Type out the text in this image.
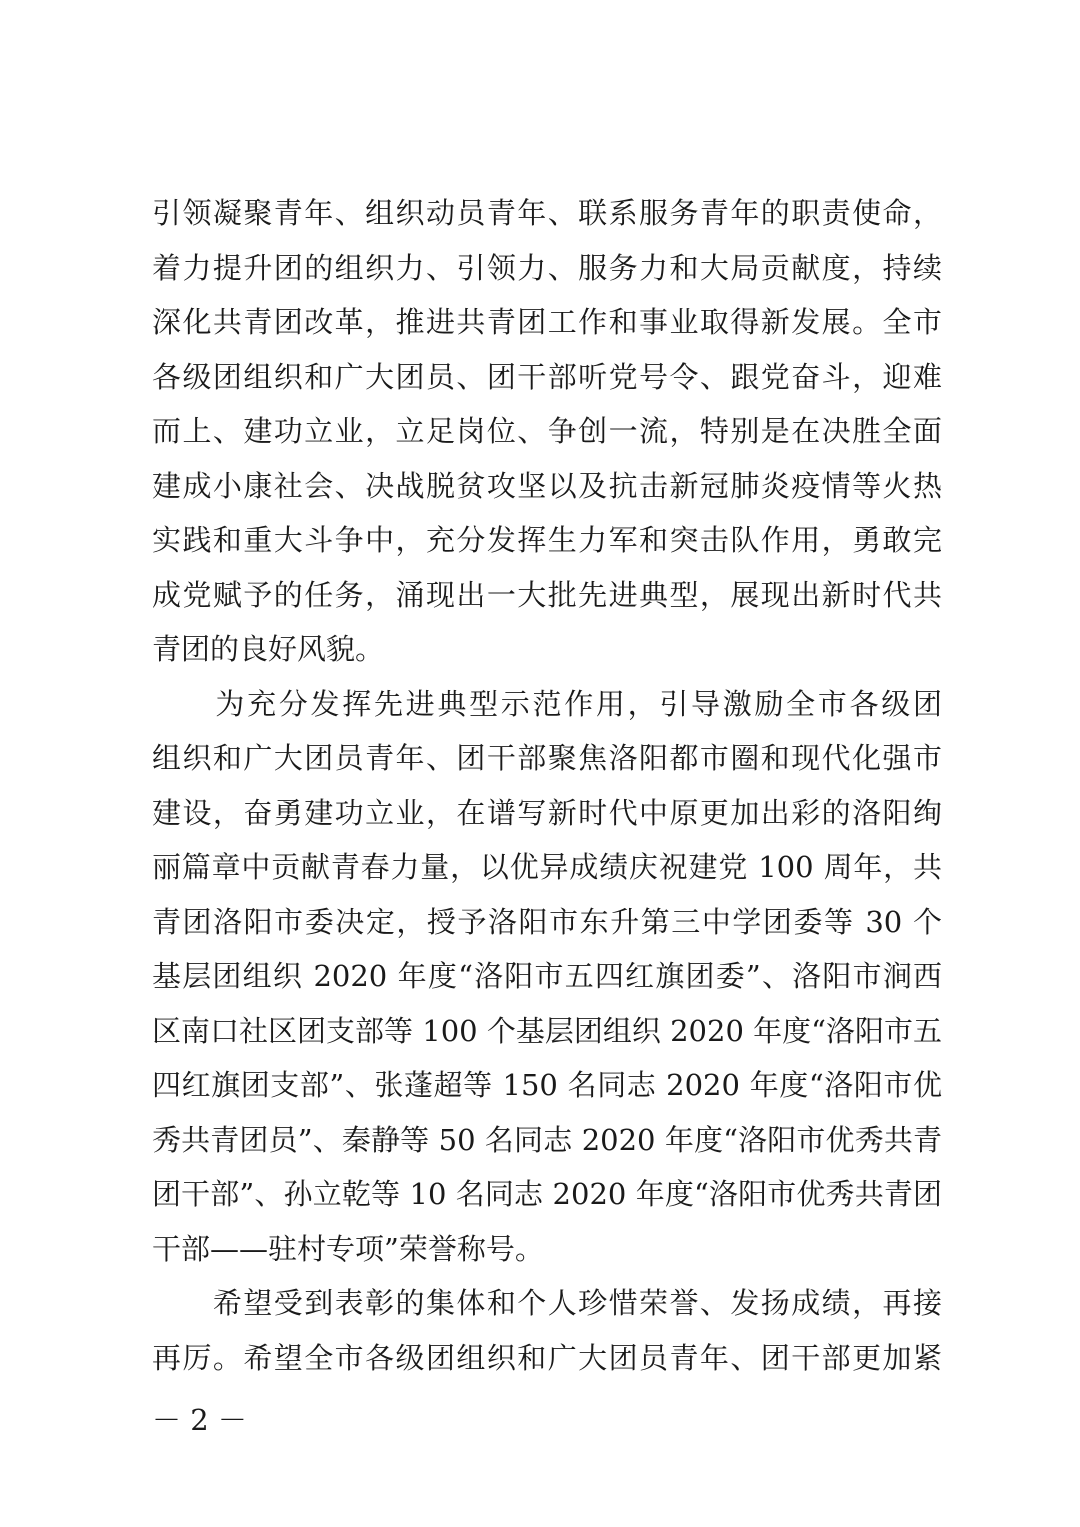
引领凝聚青年、组织动员青年、联系服务青年的职责使命，
着力提升团的组织力、引领力、服务力和大局贡献度，持续
深化共青团改革，推进共青团工作和事业取得新发展。全市
各级团组织和广大团员、团干部听党号令、跟党奋斗，迎难
而上、建功立业，立足岗位、争创一流，特别是在决胜全面
建成小康社会、决战脱贫攻坚以及抗击新冠肺炎疫情等火热
实践和重大斗争中，充分发挥生力军和突击队作用，勇敢完
成党赋予的任务，涌现出一大批先进典型，展现出新时代共
青团的良好风貌。
　　为充分发挥先进典型示范作用，引导激励全市各级团
组织和广大团员青年、团干部聚焦洛阳都市圈和现代化强市
建设，奋勇建功立业，在谱写新时代中原更加出彩的洛阳绚
丽篇章中贡献青春力量，以优异成绩庆祝建党 100 周年，共
青团洛阳市委决定，授予洛阳市东升第三中学团委等 30 个
基层团组织 2020 年度“洛阳市五四红旗团委”、洛阳市涧西
区南口社区团支部等 100 个基层团组织 2020 年度“洛阳市五
四红旗团支部”、张蓬超等 150 名同志 2020 年度“洛阳市优
秀共青团员”、秦静等 50 名同志 2020 年度“洛阳市优秀共青
团干部”、孙立乾等 10 名同志 2020 年度“洛阳市优秀共青团
干部——驻村专项”荣誉称号。
　　希望受到表彰的集体和个人珍惜荣誉、发扬成绩，再接
再厉。希望全市各级团组织和广大团员青年、团干部更加紧
－ 2 －
